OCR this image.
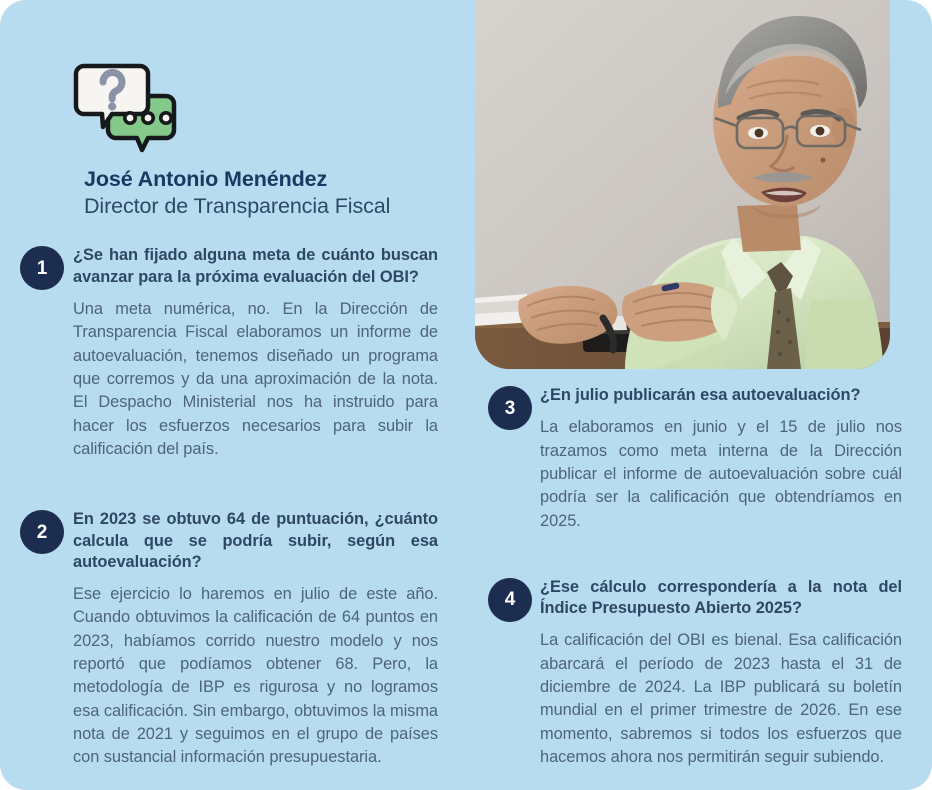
José Antonio Menéndez
Director de Transparencia Fiscal
1

¿Se han fijado alguna meta de cuánto buscan avanzar para la próxima evaluación del OBI?

Una meta numérica, no. En la Dirección de Transparencia Fiscal elaboramos un informe de autoevaluación, tenemos diseñado un programa que corremos y da una aproximación de la nota. El Despacho Ministerial nos ha instruido para hacer los esfuerzos necesarios para subir la calificación del país.

2

En 2023 se obtuvo 64 de puntuación, ¿cuánto calcula que se podría subir, según esa autoevaluación?

Ese ejercicio lo haremos en julio de este año. Cuando obtuvimos la calificación de 64 puntos en 2023, habíamos corrido nuestro modelo y nos reportó que podíamos obtener 68. Pero, la metodología de IBP es rigurosa y no logramos esa calificación. Sin embargo, obtuvimos la misma nota de 2021 y seguimos en el grupo de países con sustancial información presupuestaria.

3

¿En julio publicarán esa autoevaluación?

La elaboramos en junio y el 15 de julio nos trazamos como meta interna de la Dirección publicar el informe de autoevaluación sobre cuál podría ser la calificación que obtendríamos en 2025.

4

¿Ese cálculo correspondería a la nota del Índice Presupuesto Abierto 2025?

La calificación del OBI es bienal. Esa calificación abarcará el período de 2023 hasta el 31 de diciembre de 2024. La IBP publicará su boletín mundial en el primer trimestre de 2026. En ese momento, sabremos si todos los esfuerzos que hacemos ahora nos permitirán seguir subiendo.
